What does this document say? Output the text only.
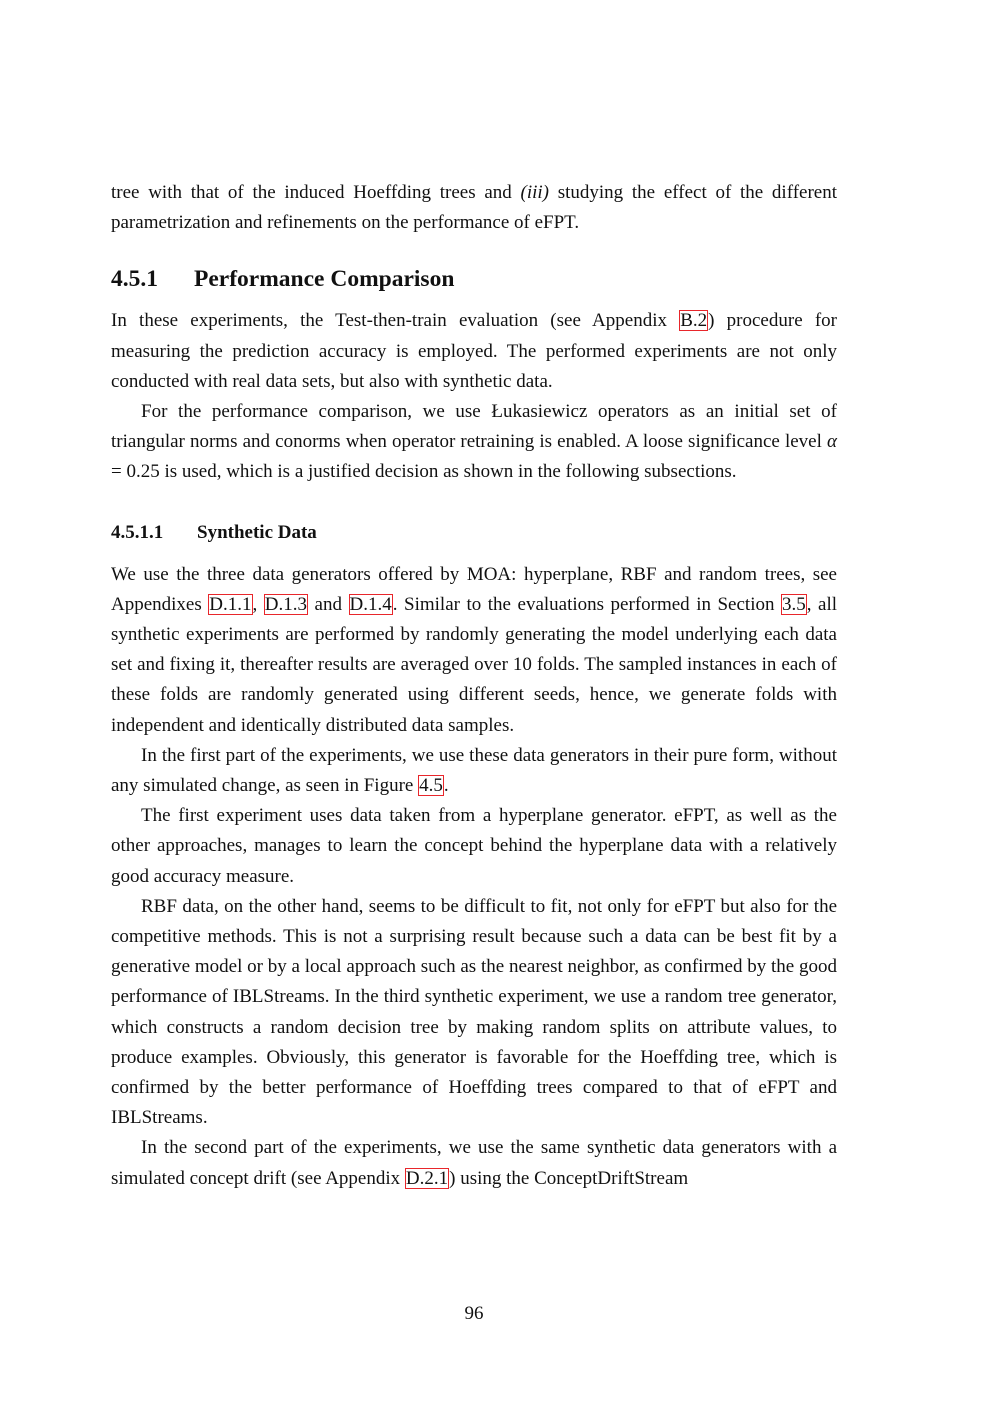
tree with that of the induced Hoeffding trees and (iii) studying the effect of the different parametrization and refinements on the performance of eFPT.

4.5.1 Performance Comparison

In these experiments, the Test-then-train evaluation (see Appendix B.2) procedure for measuring the prediction accuracy is employed. The performed experiments are not only conducted with real data sets, but also with synthetic data.

For the performance comparison, we use Łukasiewicz operators as an initial set of triangular norms and conorms when operator retraining is enabled. A loose significance level α = 0.25 is used, which is a justified decision as shown in the following subsections.

4.5.1.1 Synthetic Data

We use the three data generators offered by MOA: hyperplane, RBF and random trees, see Appendixes D.1.1, D.1.3 and D.1.4. Similar to the evaluations performed in Section 3.5, all synthetic experiments are performed by randomly generating the model underlying each data set and fixing it, thereafter results are averaged over 10 folds. The sampled instances in each of these folds are randomly generated using different seeds, hence, we generate folds with independent and identically distributed data samples.

In the first part of the experiments, we use these data generators in their pure form, without any simulated change, as seen in Figure 4.5.

The first experiment uses data taken from a hyperplane generator. eFPT, as well as the other approaches, manages to learn the concept behind the hyperplane data with a relatively good accuracy measure.

RBF data, on the other hand, seems to be difficult to fit, not only for eFPT but also for the competitive methods. This is not a surprising result because such a data can be best fit by a generative model or by a local approach such as the nearest neighbor, as confirmed by the good performance of IBLStreams. In the third synthetic experiment, we use a random tree generator, which constructs a random decision tree by making random splits on attribute values, to produce examples. Obviously, this generator is favorable for the Hoeffding tree, which is confirmed by the better performance of Hoeffding trees compared to that of eFPT and IBLStreams.

In the second part of the experiments, we use the same synthetic data generators with a simulated concept drift (see Appendix D.2.1) using the ConceptDriftStream

96
